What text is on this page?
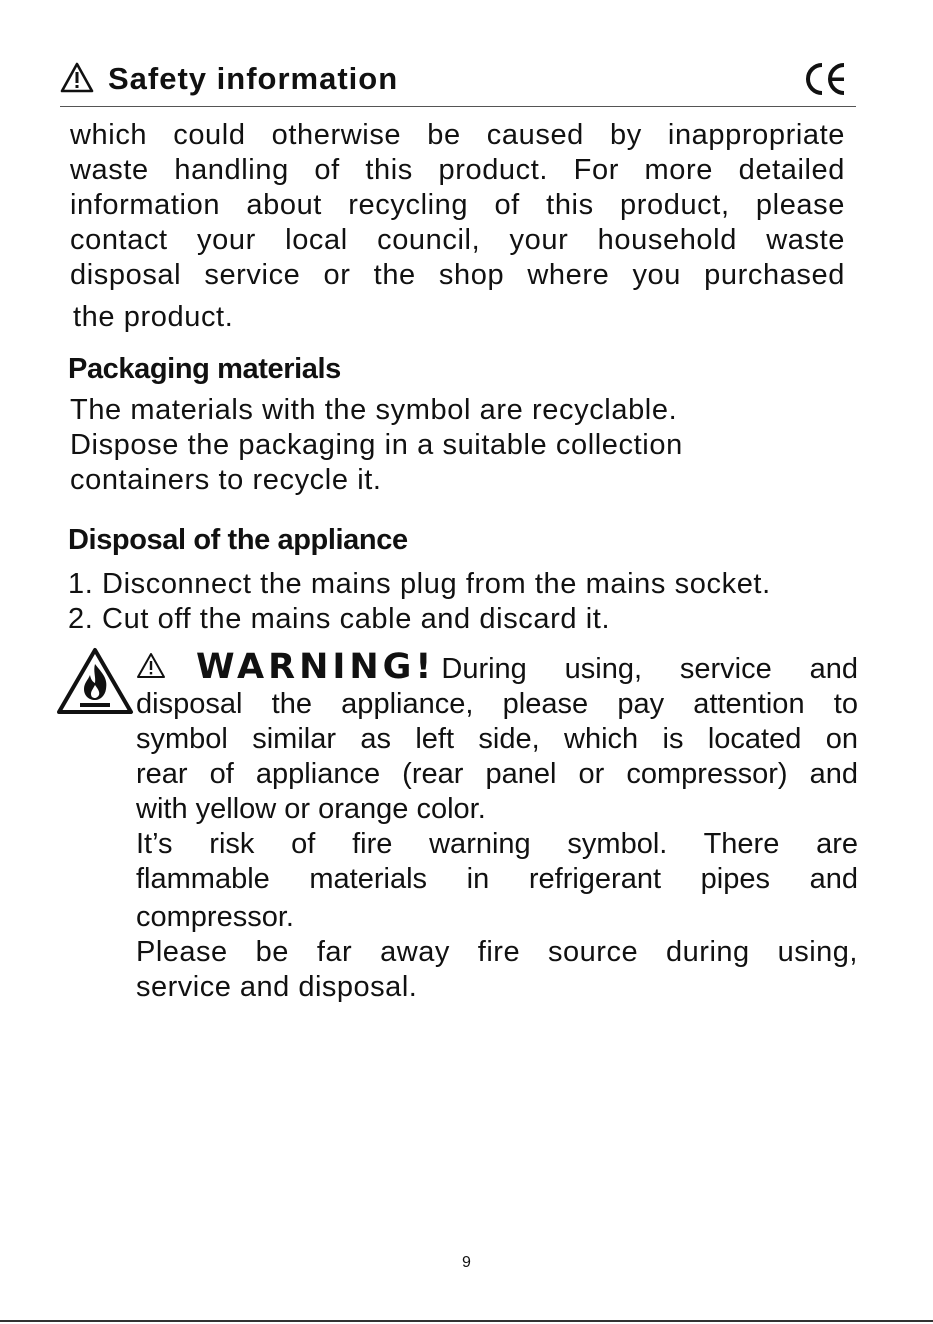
Safety information
which could otherwise be caused by inappropriate
waste handling of this product. For more detailed
information about recycling of this product, please
contact your local council, your household waste
disposal service or the shop where you purchased
the product.
Packaging materials
The materials with the symbol are recyclable.
Dispose the packaging in a suitable collection
containers to recycle it.
Disposal of the appliance
1. Disconnect the mains plug from the mains socket.
2. Cut off the mains cable and discard it.
WARNING! During using, service and
disposal the appliance, please pay attention to
symbol similar as left side, which is located on
rear of appliance (rear panel or compressor) and
with yellow or orange color.
It’s risk of fire warning symbol. There are
flammable materials in refrigerant pipes and
compressor.
Please be far away fire source during using,
service and disposal.
9
